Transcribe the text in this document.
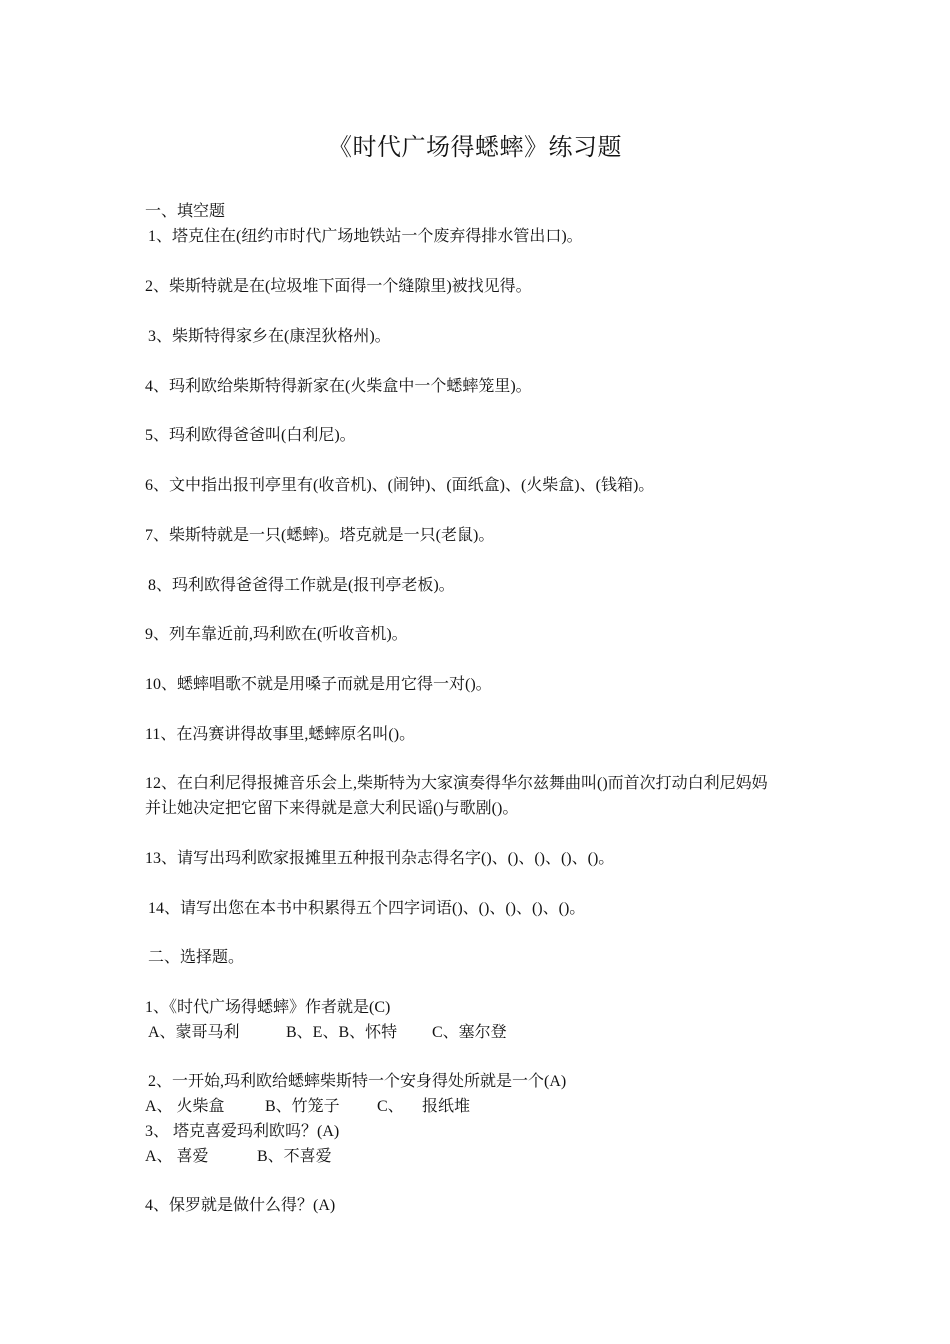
《时代广场得蟋蟀》练习题
一、填空题
1、塔克住在(纽约市时代广场地铁站一个废弃得排水管出口)。
2、柴斯特就是在(垃圾堆下面得一个缝隙里)被找见得。
3、柴斯特得家乡在(康涅狄格州)。
4、玛利欧给柴斯特得新家在(火柴盒中一个蟋蟀笼里)。
5、玛利欧得爸爸叫(白利尼)。
6、文中指出报刊亭里有(收音机)、(闹钟)、(面纸盒)、(火柴盒)、(钱箱)。
7、柴斯特就是一只(蟋蟀)。塔克就是一只(老鼠)。
8、玛利欧得爸爸得工作就是(报刊亭老板)。
9、列车靠近前,玛利欧在(听收音机)。
10、蟋蟀唱歌不就是用嗓子而就是用它得一对()。
11、在冯赛讲得故事里,蟋蟀原名叫()。
12、在白利尼得报摊音乐会上,柴斯特为大家演奏得华尔兹舞曲叫()而首次打动白利尼妈妈
并让她决定把它留下来得就是意大利民谣()与歌剧()。
13、请写出玛利欧家报摊里五种报刊杂志得名字()、()、()、()、()。
14、请写出您在本书中积累得五个四字词语()、()、()、()、()。
二、选择题。
1、《时代广场得蟋蟀》作者就是(C)
A、蒙哥马利	B、E、B、怀特 C、塞尔登
2、一开始,玛利欧给蟋蟀柴斯特一个安身得处所就是一个(A)
A、 火柴盒	B、竹笼子 C、 报纸堆
3、 塔克喜爱玛利欧吗？(A)
A、 喜爱	B、不喜爱
4、保罗就是做什么得？(A)
